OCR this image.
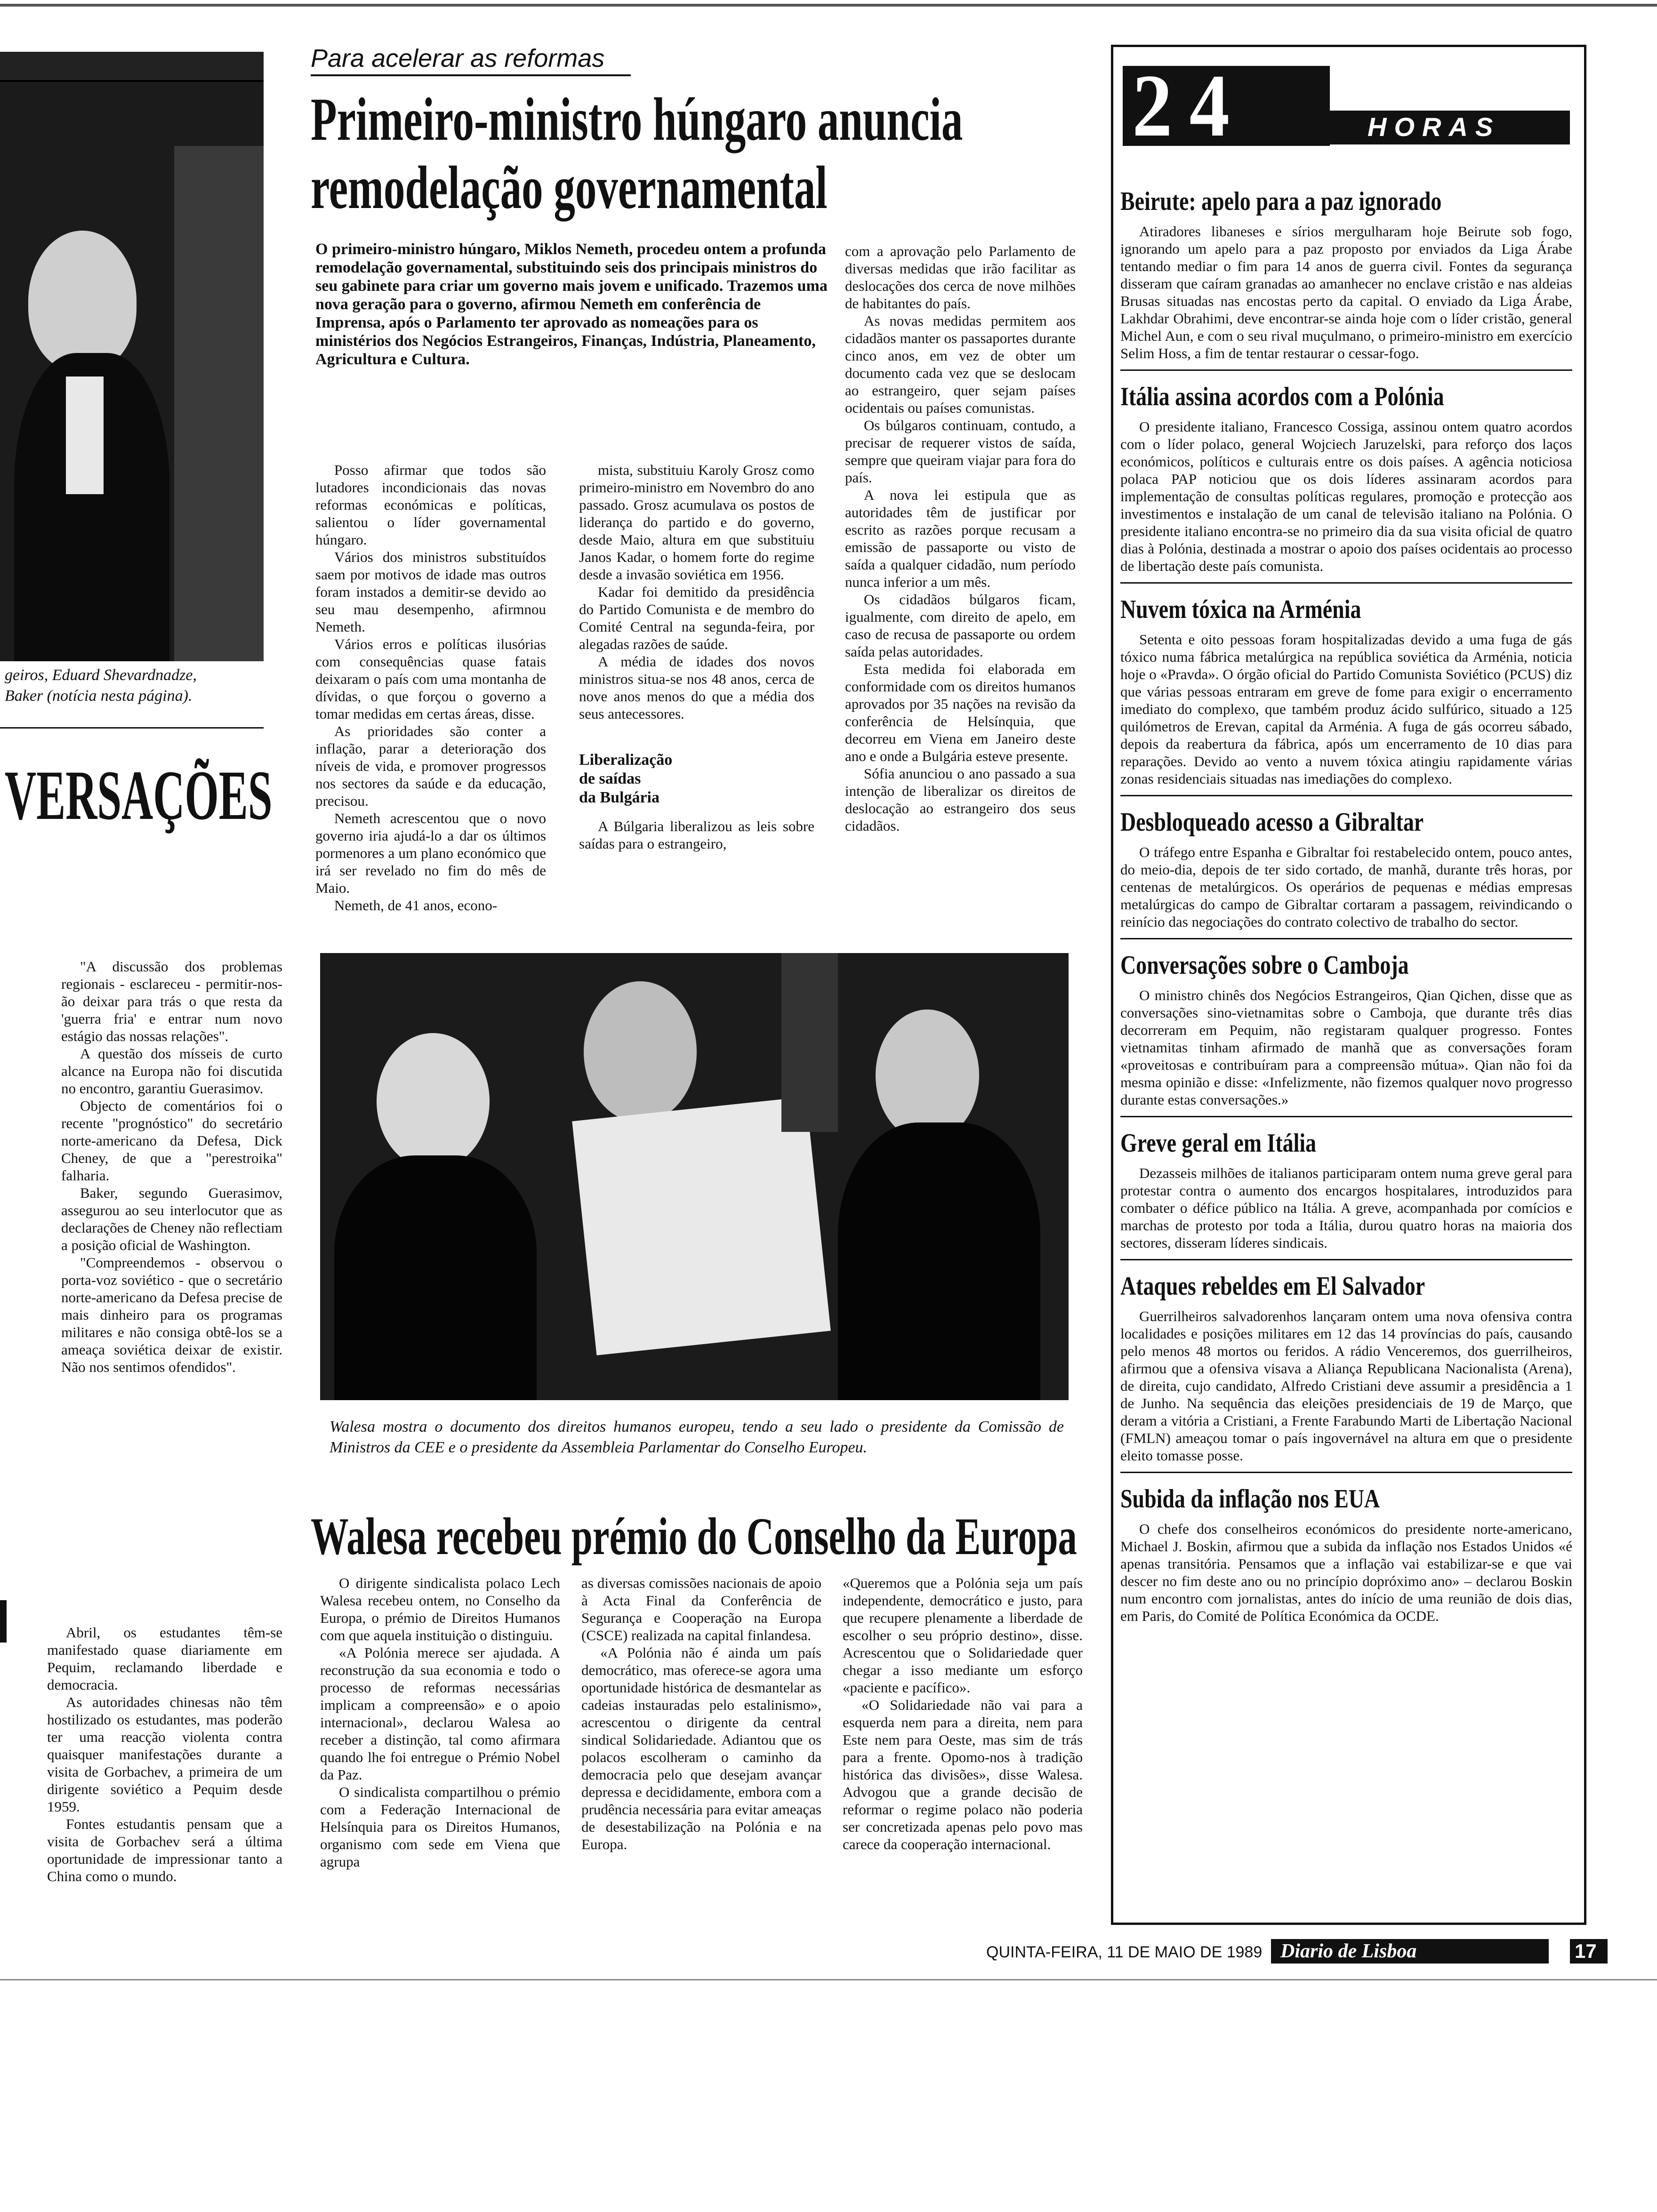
geiros, Eduard Shevardnadze,
Baker (notícia nesta página).
VERSAÇÕES

"A discussão dos problemas regionais - esclareceu - permitir-nos-ão deixar para trás o que resta da 'guerra fria' e entrar num novo estágio das nossas relações".

A questão dos mísseis de curto alcance na Europa não foi discutida no encontro, garantiu Guerasimov.

Objecto de comentários foi o recente "prognóstico" do secretário norte-americano da Defesa, Dick Cheney, de que a "perestroika" falharia.

Baker, segundo Guerasimov, assegurou ao seu interlocutor que as declarações de Cheney não reflectiam a posição oficial de Washington.

"Compreendemos - observou o porta-voz soviético - que o secretário norte-americano da Defesa precise de mais dinheiro para os programas militares e não consiga obtê-los se a ameaça soviética deixar de existir. Não nos sentimos ofendidos".

Abril, os estudantes têm-se manifestado quase diariamente em Pequim, reclamando liberdade e democracia.

As autoridades chinesas não têm hostilizado os estudantes, mas poderão ter uma reacção violenta contra quaisquer manifestações durante a visita de Gorbachev, a primeira de um dirigente soviético a Pequim desde 1959.

Fontes estudantis pensam que a visita de Gorbachev será a última oportunidade de impressionar tanto a China como o mundo.

Para acelerar as reformas
Primeiro-ministro húngaro anuncia
remodelação governamental
O primeiro-ministro húngaro, Miklos Nemeth, procedeu ontem a profunda remodelação governamental, substituindo seis dos principais ministros do seu gabinete para criar um governo mais jovem e unificado. Trazemos uma nova geração para o governo, afirmou Nemeth em conferência de Imprensa, após o Parlamento ter aprovado as nomeações para os ministérios dos Negócios Estrangeiros, Finanças, Indústria, Planeamento, Agricultura e Cultura.

Posso afirmar que todos são lutadores incondicionais das novas reformas económicas e políticas, salientou o líder governamental húngaro.

Vários dos ministros substituídos saem por motivos de idade mas outros foram instados a demitir-se devido ao seu mau desempenho, afirmnou Nemeth.

Vários erros e políticas ilusórias com consequências quase fatais deixaram o país com uma montanha de dívidas, o que forçou o governo a tomar medidas em certas áreas, disse.

As prioridades são conter a inflação, parar a deterioração dos níveis de vida, e promover progressos nos sectores da saúde e da educação, precisou.

Nemeth acrescentou que o novo governo iria ajudá-lo a dar os últimos pormenores a um plano económico que irá ser revelado no fim do mês de Maio.

Nemeth, de 41 anos, econo-

mista, substituiu Karoly Grosz como primeiro-ministro em Novembro do ano passado. Grosz acumulava os postos de liderança do partido e do governo, desde Maio, altura em que substituiu Janos Kadar, o homem forte do regime desde a invasão soviética em 1956.

Kadar foi demitido da presidência do Partido Comunista e de membro do Comité Central na segunda-feira, por alegadas razões de saúde.

A média de idades dos novos ministros situa-se nos 48 anos, cerca de nove anos menos do que a média dos seus antecessores.

Liberalização
de saídas
da Bulgária

A Búlgaria liberalizou as leis sobre saídas para o estrangeiro,

com a aprovação pelo Parlamento de diversas medidas que irão facilitar as deslocações dos cerca de nove milhões de habitantes do país.

As novas medidas permitem aos cidadãos manter os passaportes durante cinco anos, em vez de obter um documento cada vez que se deslocam ao estrangeiro, quer sejam países ocidentais ou países comunistas.

Os búlgaros continuam, contudo, a precisar de requerer vistos de saída, sempre que queiram viajar para fora do país.

A nova lei estipula que as autoridades têm de justificar por escrito as razões porque recusam a emissão de passaporte ou visto de saída a qualquer cidadão, num período nunca inferior a um mês.

Os cidadãos búlgaros ficam, igualmente, com direito de apelo, em caso de recusa de passaporte ou ordem saída pelas autoridades.

Esta medida foi elaborada em conformidade com os direitos humanos aprovados por 35 nações na revisão da conferência de Helsínquia, que decorreu em Viena em Janeiro deste ano e onde a Bulgária esteve presente.

Sófia anunciou o ano passado a sua intenção de liberalizar os direitos de deslocação ao estrangeiro dos seus cidadãos.

Walesa mostra o documento dos direitos humanos europeu, tendo a seu lado o presidente da Comissão de Ministros da CEE e o presidente da Assembleia Parlamentar do Conselho Europeu.
Walesa recebeu prémio do Conselho da Europa

O dirigente sindicalista polaco Lech Walesa recebeu ontem, no Conselho da Europa, o prémio de Direitos Humanos com que aquela instituição o distinguiu.

«A Polónia merece ser ajudada. A reconstrução da sua economia e todo o processo de reformas necessárias implicam a compreensão» e o apoio internacional», declarou Walesa ao receber a distinção, tal como afirmara quando lhe foi entregue o Prémio Nobel da Paz.

O sindicalista compartilhou o prémio com a Federação Internacional de Helsínquia para os Direitos Humanos, organismo com sede em Viena que agrupa

as diversas comissões nacionais de apoio à Acta Final da Conferência de Segurança e Cooperação na Europa (CSCE) realizada na capital finlandesa.

«A Polónia não é ainda um país democrático, mas oferece-se agora uma oportunidade histórica de desmantelar as cadeias instauradas pelo estalinismo», acrescentou o dirigente da central sindical Solidariedade. Adiantou que os polacos escolheram o caminho da democracia pelo que desejam avançar depressa e decididamente, embora com a prudência necessária para evitar ameaças de desestabilização na Polónia e na Europa.

«Queremos que a Polónia seja um país independente, democrático e justo, para que recupere plenamente a liberdade de escolher o seu próprio destino», disse. Acrescentou que o Solidariedade quer chegar a isso mediante um esforço «paciente e pacífico».

«O Solidariedade não vai para a esquerda nem para a direita, nem para Este nem para Oeste, mas sim de trás para a frente. Opomo-nos à tradição histórica das divisões», disse Walesa. Advogou que a grande decisão de reformar o regime polaco não poderia ser concretizada apenas pelo povo mas carece da cooperação internacional.

24	HORAS
Beirute: apelo para a paz ignorado

Atiradores libaneses e sírios mergulharam hoje Beirute sob fogo, ignorando um apelo para a paz proposto por enviados da Liga Árabe tentando mediar o fim para 14 anos de guerra civil. Fontes da segurança disseram que caíram granadas ao amanhecer no enclave cristão e nas aldeias Brusas situadas nas encostas perto da capital. O enviado da Liga Árabe, Lakhdar Obrahimi, deve encontrar-se ainda hoje com o líder cristão, general Michel Aun, e com o seu rival muçulmano, o primeiro-ministro em exercício Selim Hoss, a fim de tentar restaurar o cessar-fogo.

Itália assina acordos com a Polónia

O presidente italiano, Francesco Cossiga, assinou ontem quatro acordos com o líder polaco, general Wojciech Jaruzelski, para reforço dos laços económicos, políticos e culturais entre os dois países. A agência noticiosa polaca PAP noticiou que os dois líderes assinaram acordos para implementação de consultas políticas regulares, promoção e protecção aos investimentos e instalação de um canal de televisão italiano na Polónia. O presidente italiano encontra-se no primeiro dia da sua visita oficial de quatro dias à Polónia, destinada a mostrar o apoio dos países ocidentais ao processo de libertação deste país comunista.

Nuvem tóxica na Arménia

Setenta e oito pessoas foram hospitalizadas devido a uma fuga de gás tóxico numa fábrica metalúrgica na república soviética da Arménia, noticia hoje o «Pravda». O órgão oficial do Partido Comunista Soviético (PCUS) diz que várias pessoas entraram em greve de fome para exigir o encerramento imediato do complexo, que também produz ácido sulfúrico, situado a 125 quilómetros de Erevan, capital da Arménia. A fuga de gás ocorreu sábado, depois da reabertura da fábrica, após um encerramento de 10 dias para reparações. Devido ao vento a nuvem tóxica atingiu rapidamente várias zonas residenciais situadas nas imediações do complexo.

Desbloqueado acesso a Gibraltar

O tráfego entre Espanha e Gibraltar foi restabelecido ontem, pouco antes, do meio-dia, depois de ter sido cortado, de manhã, durante três horas, por centenas de metalúrgicos. Os operários de pequenas e médias empresas metalúrgicas do campo de Gibraltar cortaram a passagem, reivindicando o reinício das negociações do contrato colectivo de trabalho do sector.

Conversações sobre o Camboja

O ministro chinês dos Negócios Estrangeiros, Qian Qichen, disse que as conversações sino-vietnamitas sobre o Camboja, que durante três dias decorreram em Pequim, não registaram qualquer progresso. Fontes vietnamitas tinham afirmado de manhã que as conversações foram «proveitosas e contribuíram para a compreensão mútua». Qian não foi da mesma opinião e disse: «Infelizmente, não fizemos qualquer novo progresso durante estas conversações.»

Greve geral em Itália

Dezasseis milhões de italianos participaram ontem numa greve geral para protestar contra o aumento dos encargos hospitalares, introduzidos para combater o défice público na Itália. A greve, acompanhada por comícios e marchas de protesto por toda a Itália, durou quatro horas na maioria dos sectores, disseram líderes sindicais.

Ataques rebeldes em El Salvador

Guerrilheiros salvadorenhos lançaram ontem uma nova ofensiva contra localidades e posições militares em 12 das 14 províncias do país, causando pelo menos 48 mortos ou feridos. A rádio Venceremos, dos guerrilheiros, afirmou que a ofensiva visava a Aliança Republicana Nacionalista (Arena), de direita, cujo candidato, Alfredo Cristiani deve assumir a presidência a 1 de Junho. Na sequência das eleições presidenciais de 19 de Março, que deram a vitória a Cristiani, a Frente Farabundo Marti de Libertação Nacional (FMLN) ameaçou tomar o país ingovernável na altura em que o presidente eleito tomasse posse.

Subida da inflação nos EUA

O chefe dos conselheiros económicos do presidente norte-americano, Michael J. Boskin, afirmou que a subida da inflação nos Estados Unidos «é apenas transitória. Pensamos que a inflação vai estabilizar-se e que vai descer no fim deste ano ou no princípio dopróximo ano» – declarou Boskin num encontro com jornalistas, antes do início de uma reunião de dois dias, em Paris, do Comité de Política Económica da OCDE.

QUINTA-FEIRA, 11 DE MAIO DE 1989 Diario de Lisboa	17
